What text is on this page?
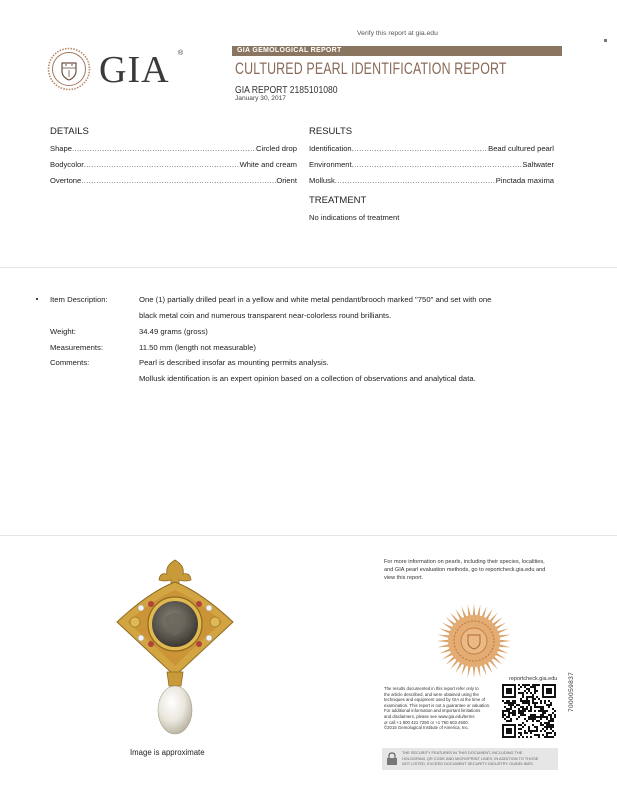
Verify this report at gia.edu
GIA ®	GIA GEMOLOGICAL REPORT
CULTURED PEARL IDENTIFICATION REPORT
GIA REPORT 2185101080
January 30, 2017
DETAILS
Shape .....	Circled drop
Bodycolor .....	White and cream
Overtone .....	Orient
RESULTS
Identification .....	Bead cultured pearl
Environment .....	Saltwater
Mollusk .....	Pinctada maxima
TREATMENT
No indications of treatment
Item Description:	One (1) partially drilled pearl in a yellow and white metal pendant/brooch marked "750" and set with one
black metal coin and numerous transparent near-colorless round brilliants.
Weight:	34.49 grams (gross)
Measurements:	11.50 mm (length not measurable)
Comments:	Pearl is described insofar as mounting permits analysis.
Mollusk identification is an expert opinion based on a collection of observations and analytical data.
Image is approximate
For more information on pearls, including their species, localities,
and GIA pearl evaluation methods, go to reportcheck.gia.edu and
view this report.
reportcheck.gia.edu
The results documented in this report refer only to
the article described, and were obtained using the
techniques and equipment used by GIA at the time of
examination. This report is not a guarantee or valuation.
For additional information and important limitations
and disclaimers, please see www.gia.edu/terms
or call +1 800 421 7250 or +1 760 603 4500.
©2015 Gemological Institute of America, Inc.
THE SECURITY FEATURES IN THIS DOCUMENT, INCLUDING THE
HOLOGRAM, QR CODE AND MICROPRINT LINES, IN ADDITION TO THOSE
NOT LISTED, EXCEED DOCUMENT SECURITY INDUSTRY GUIDELINES.
7000059837
